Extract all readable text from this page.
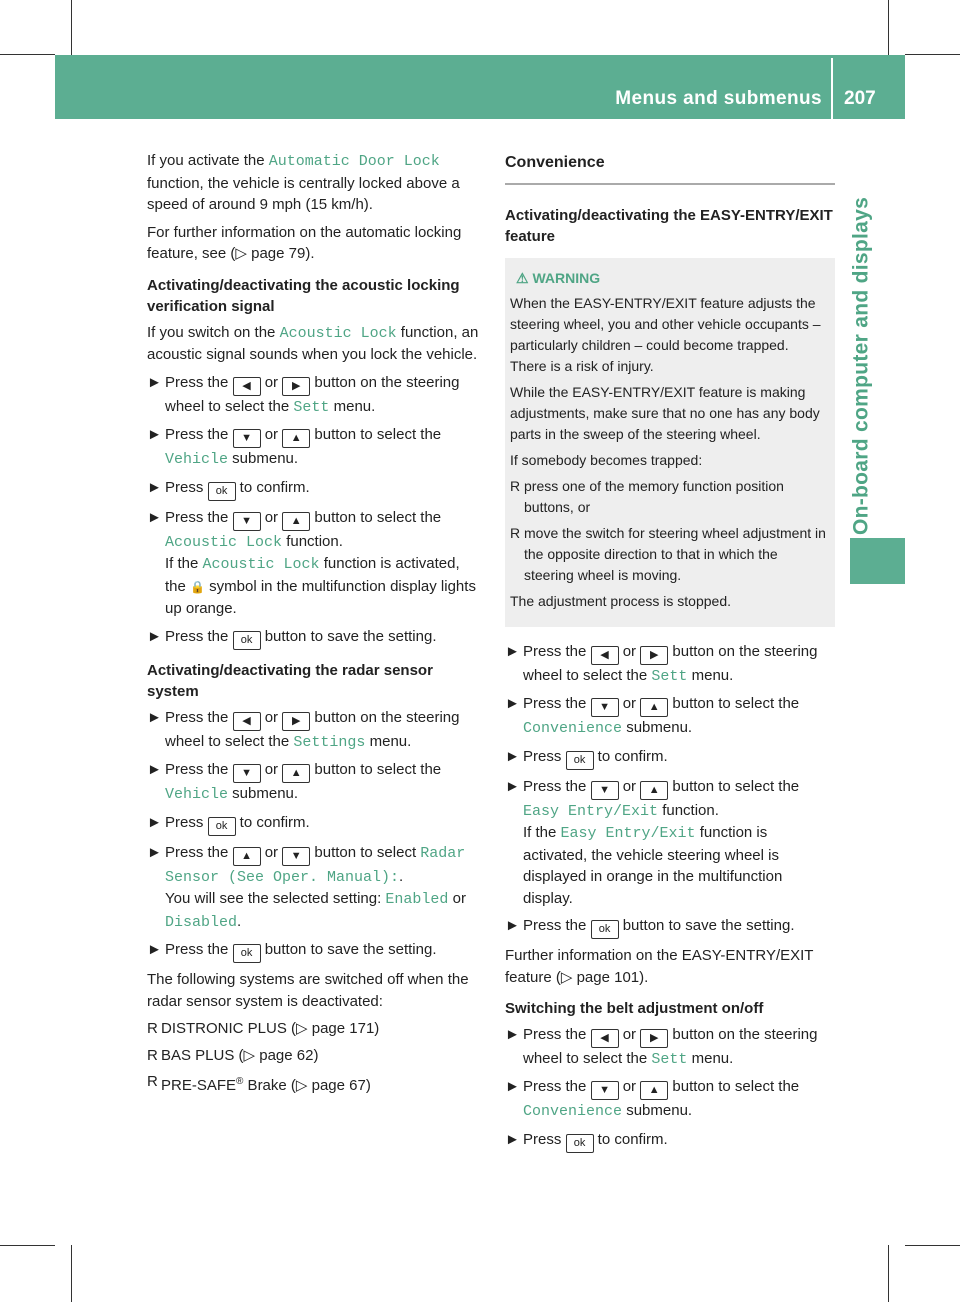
Menus and submenus 207
On-board computer and displays

If you activate the Automatic Door Lock function, the vehicle is centrally locked above a speed of around 9 mph (15 km/h).

For further information on the automatic locking feature, see (▷ page 79).

Activating/deactivating the acoustic locking verification signal

If you switch on the Acoustic Lock function, an acoustic signal sounds when you lock the vehicle.

► Press the ◀ or ▶ button on the steering wheel to select the Sett menu.
► Press the ▼ or ▲ button to select the Vehicle submenu.
► Press ok to confirm.
► Press the ▼ or ▲ button to select the Acoustic Lock function.
If the Acoustic Lock function is activated, the 🔒 symbol in the multifunction display lights up orange.
► Press the ok button to save the setting.
Activating/deactivating the radar sensor system
► Press the ◀ or ▶ button on the steering wheel to select the Settings menu.
► Press the ▼ or ▲ button to select the Vehicle submenu.
► Press ok to confirm.
► Press the ▲ or ▼ button to select Radar Sensor (See Oper. Manual):.
You will see the selected setting: Enabled or Disabled.
► Press the ok button to save the setting.

The following systems are switched off when the radar sensor system is deactivated:

R DISTRONIC PLUS (▷ page 171)
R BAS PLUS (▷ page 62)
R PRE-SAFE® Brake (▷ page 67)
Convenience
Activating/deactivating the EASY-ENTRY/EXIT feature
⚠ WARNING

When the EASY-ENTRY/EXIT feature adjusts the steering wheel, you and other vehicle occupants – particularly children – could become trapped. There is a risk of injury.

While the EASY-ENTRY/EXIT feature is making adjustments, make sure that no one has any body parts in the sweep of the steering wheel.

If somebody becomes trapped:

R press one of the memory function position buttons, or
R move the switch for steering wheel adjustment in the opposite direction to that in which the steering wheel is moving.

The adjustment process is stopped.

► Press the ◀ or ▶ button on the steering wheel to select the Sett menu.
► Press the ▼ or ▲ button to select the Convenience submenu.
► Press ok to confirm.
► Press the ▼ or ▲ button to select the Easy Entry/Exit function.
If the Easy Entry/Exit function is activated, the vehicle steering wheel is displayed in orange in the multifunction display.
► Press the ok button to save the setting.

Further information on the EASY-ENTRY/EXIT feature (▷ page 101).

Switching the belt adjustment on/off
► Press the ◀ or ▶ button on the steering wheel to select the Sett menu.
► Press the ▼ or ▲ button to select the Convenience submenu.
► Press ok to confirm.
